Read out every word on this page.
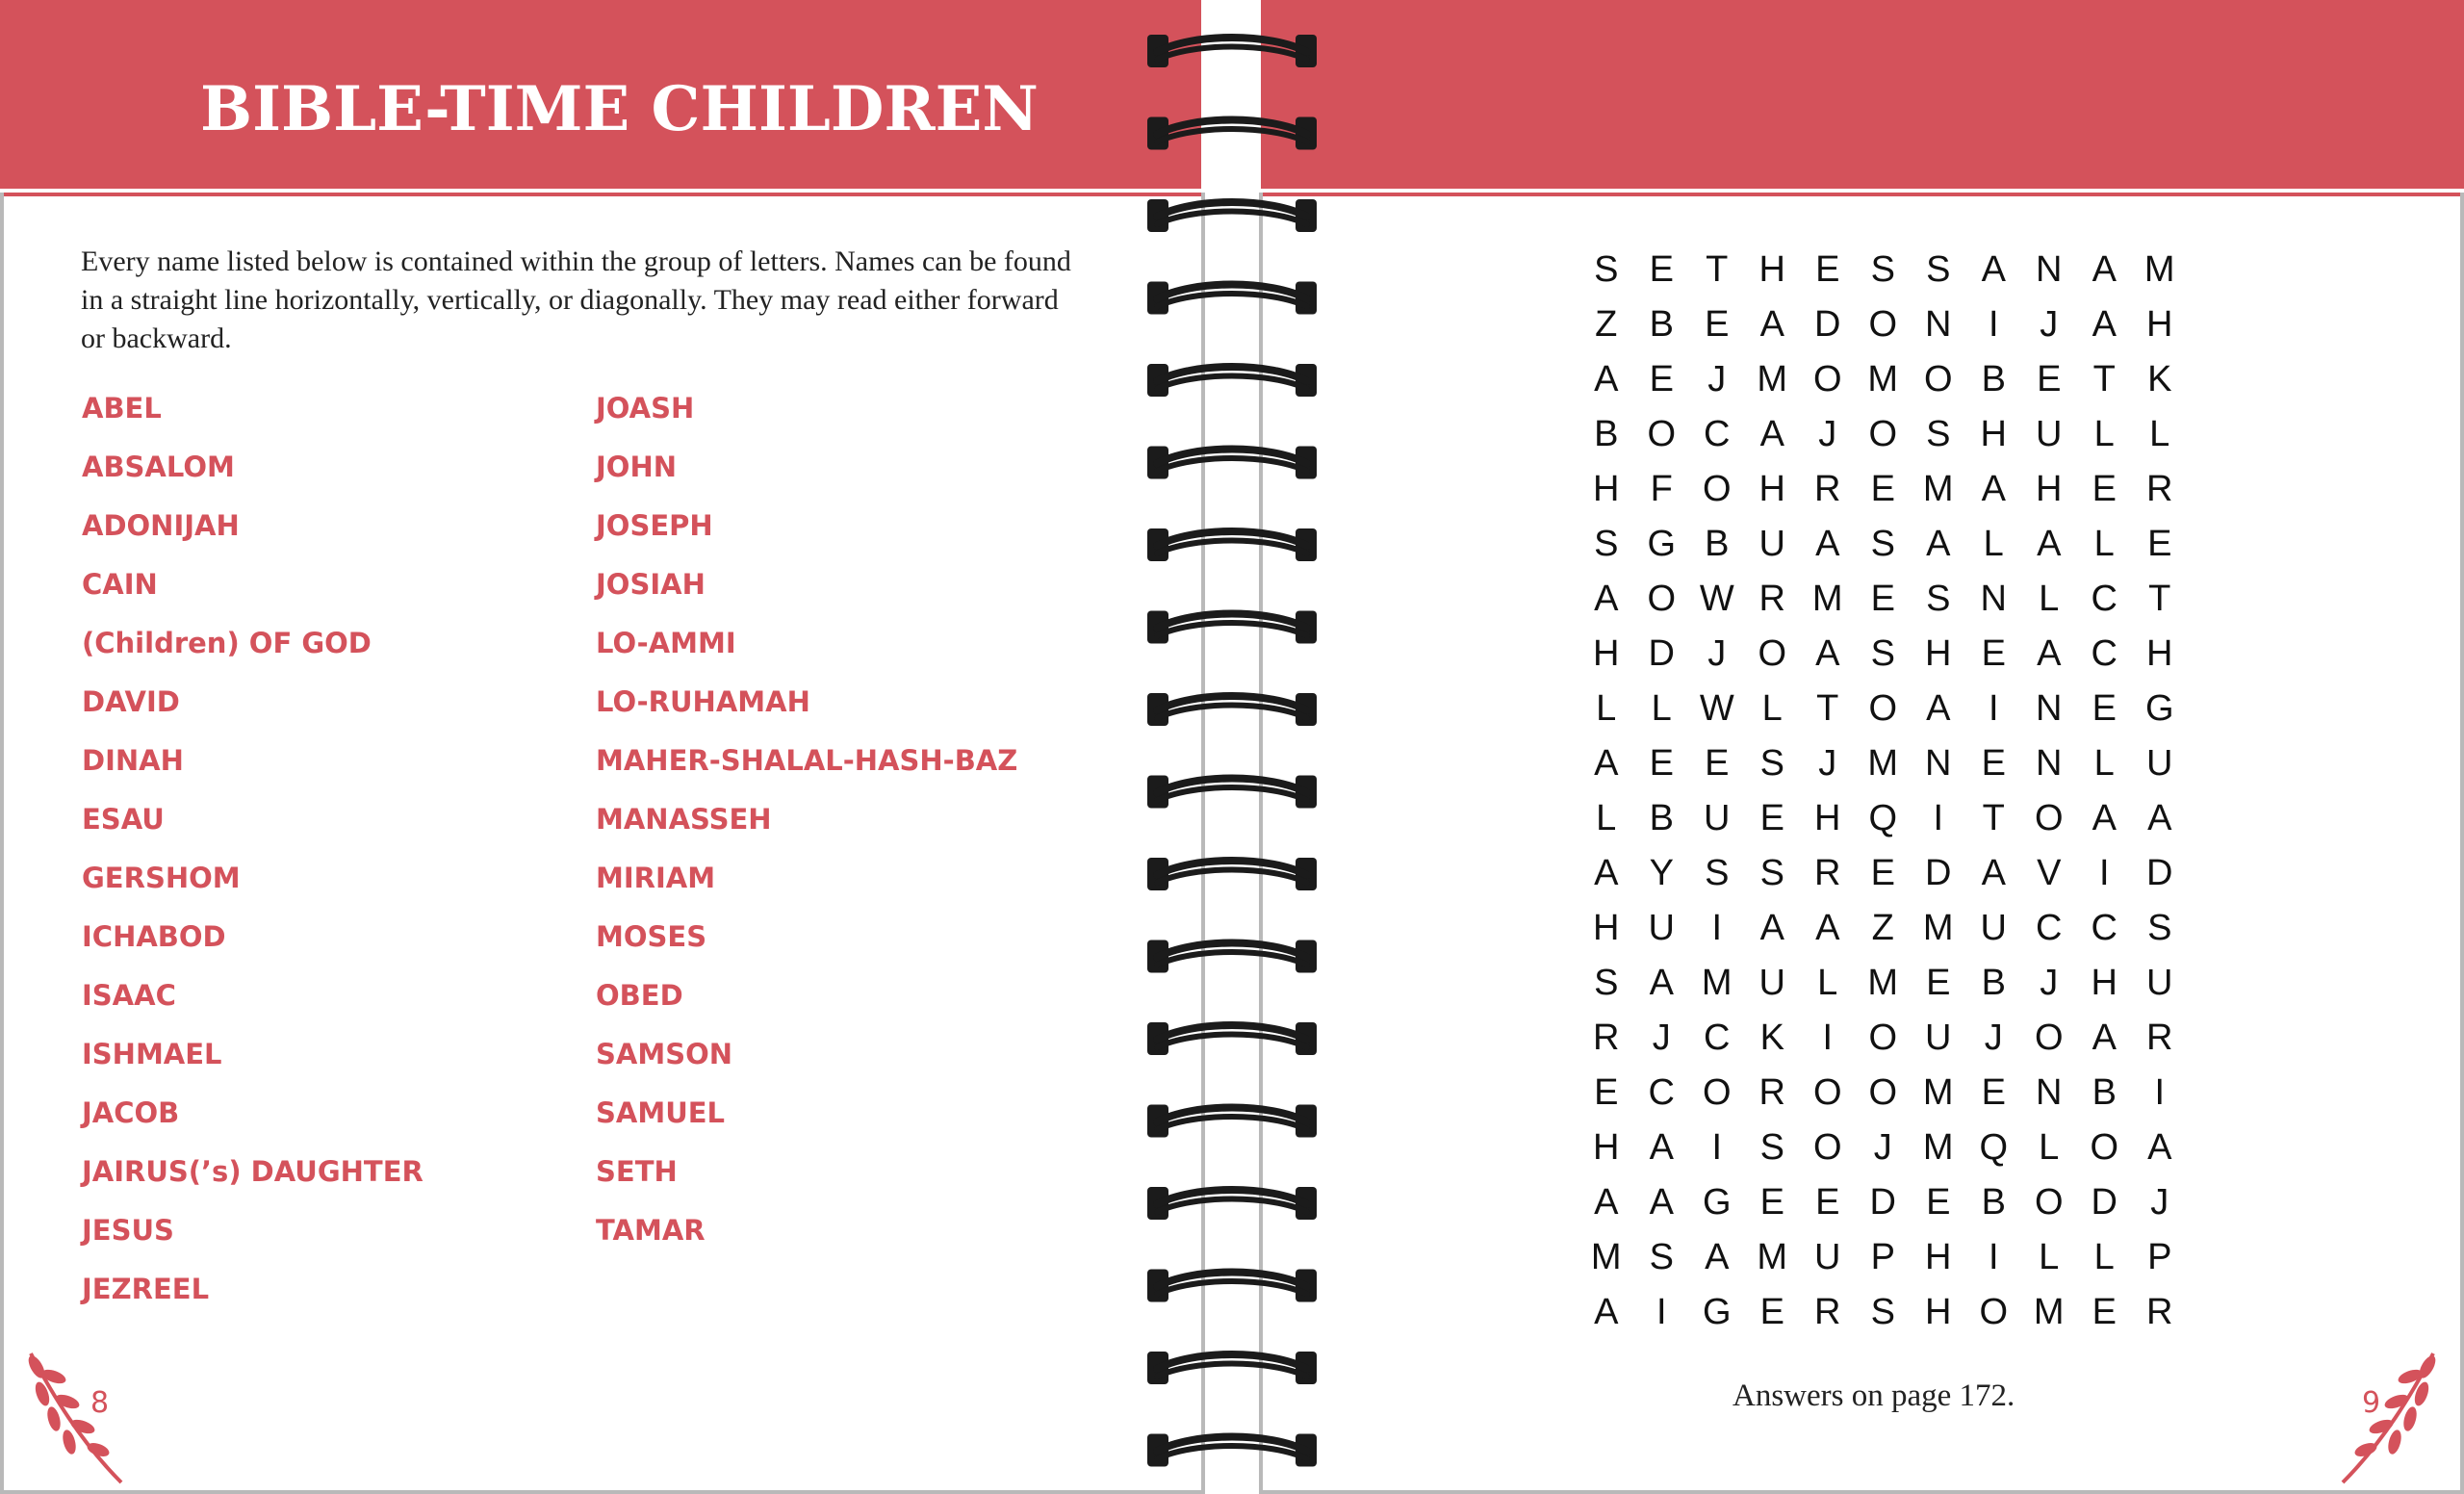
BIBLE-TIME CHILDREN

Every name listed below is contained within the group of letters. Names can be found in a straight line horizontally, vertically, or diagonally. They may read either forward or backward.

ABEL
ABSALOM
ADONIJAH
CAIN
(Children) OF GOD
DAVID
DINAH
ESAU
GERSHOM
ICHABOD
ISAAC
ISHMAEL
JACOB
JAIRUS(’s) DAUGHTER
JESUS
JEZREEL
JOASH
JOHN
JOSEPH
JOSIAH
LO-AMMI
LO-RUHAMAH
MAHER-SHALAL-HASH-BAZ
MANASSEH
MIRIAM
MOSES
OBED
SAMSON
SAMUEL
SETH
TAMAR
8
S E T H E S S A N A M
Z B E A D O N	I	J A H
A E J M O M O B E T K
B O C A J O S H U L L
H F O H R E M A H E R
S G B U A S A L A L E
A O W R M E S N L C T
H D J O A S H E A C H
L L W L T O A	I	N E G
A E E S J M N E N L U
L B U E H Q I	T O A A
A Y S S R E D A V	I	D
H U	I	A A Z M U C C S
S A M U L M E B J H U
R J C K	I O U J O A R
E C O R O O M E N B	I
H A	I	S O J M Q L O A
A A G E E D E B O D J
M S A M U P H	I	L L P
A	I G E R S H O M E R

Answers on page 172.	9
